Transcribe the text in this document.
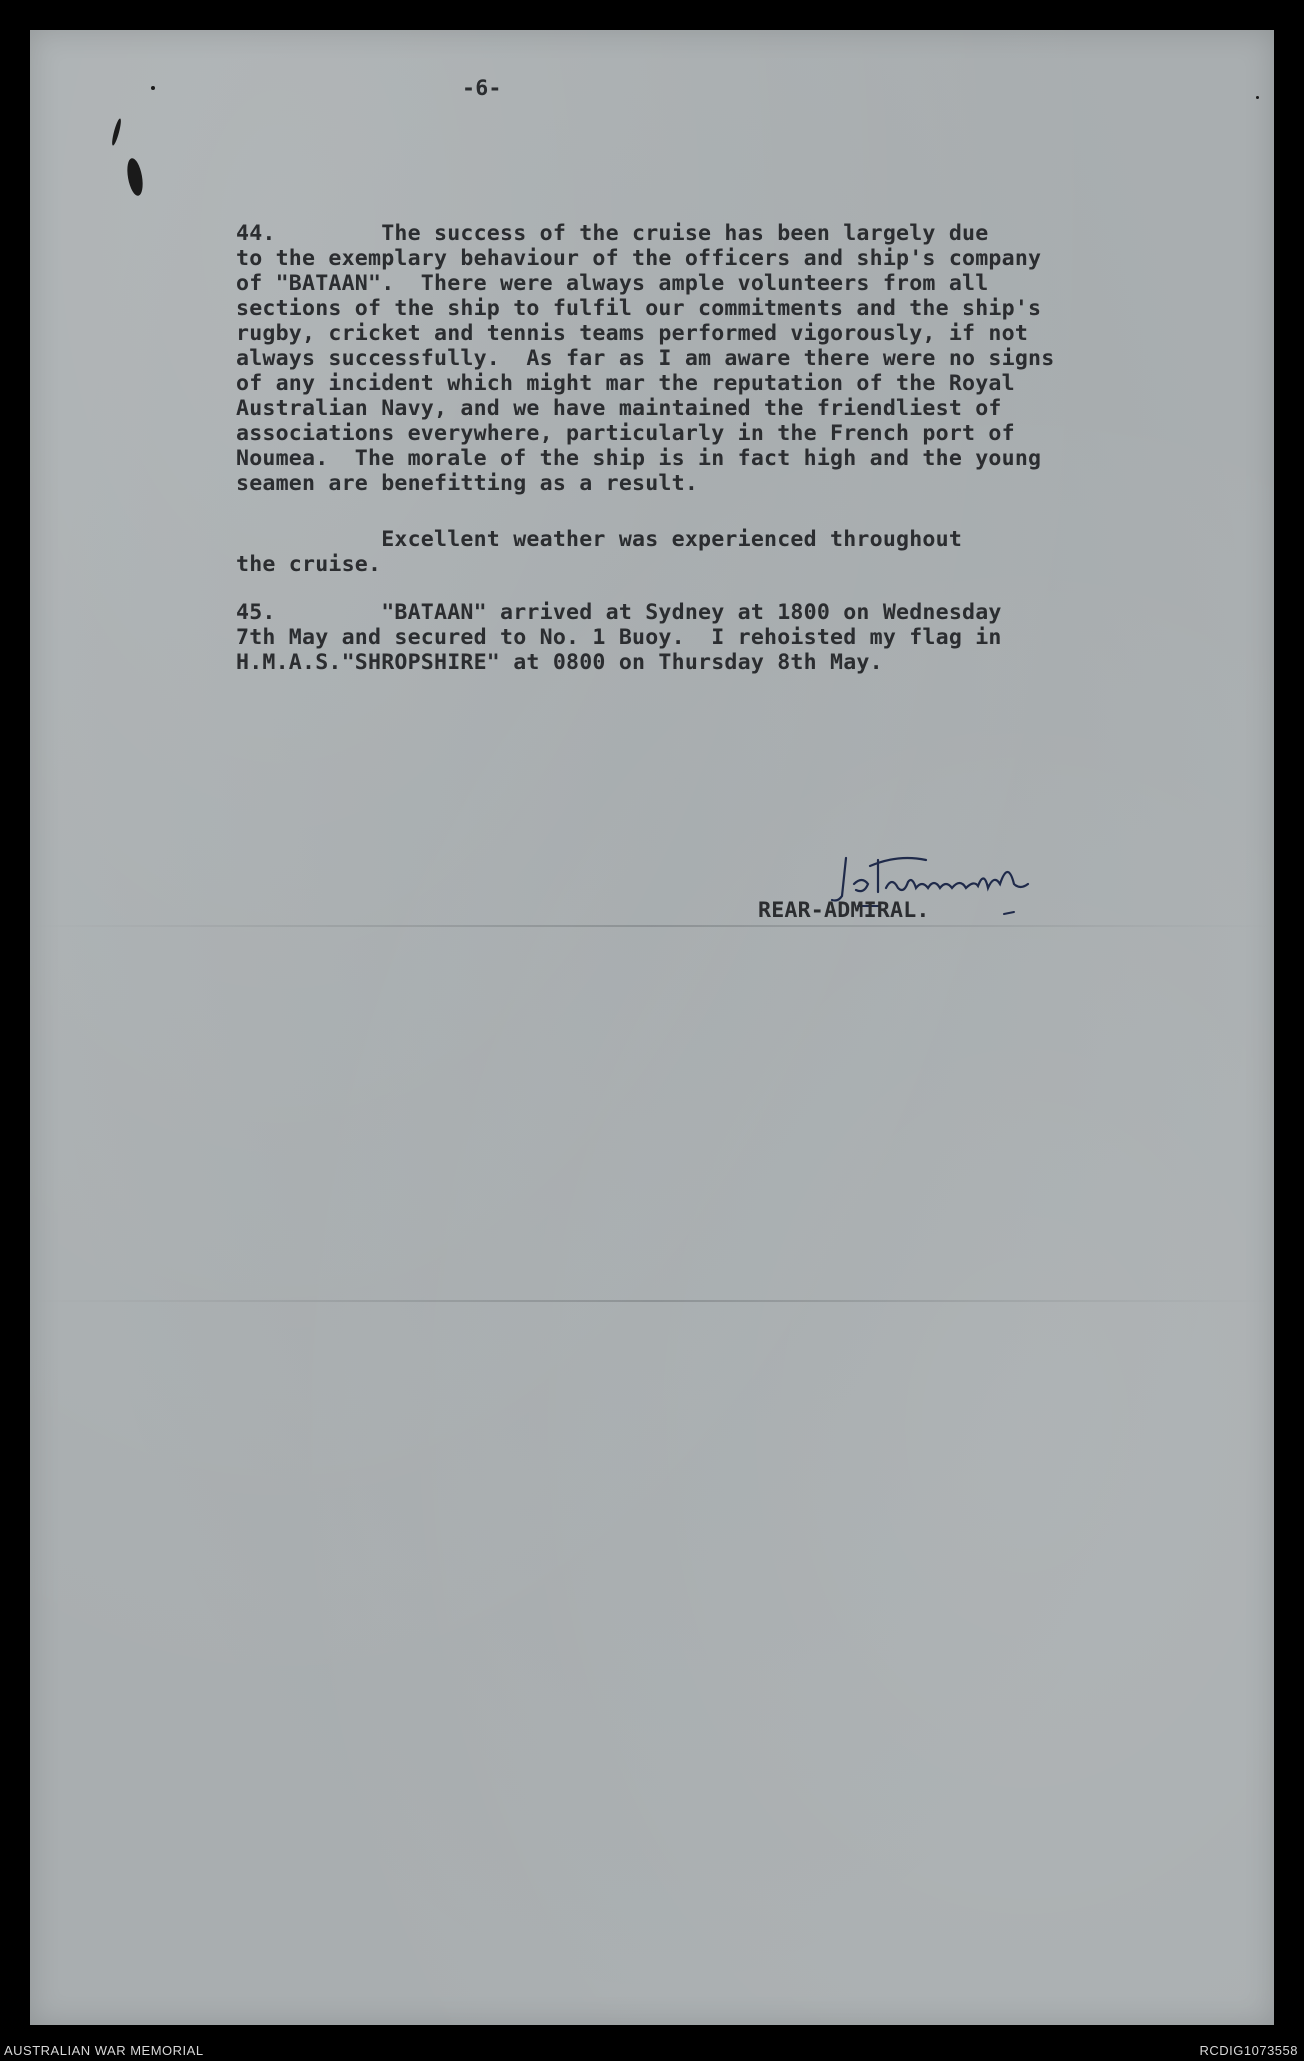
-6-
44.        The success of the cruise has been largely due
to the exemplary behaviour of the officers and ship's company
of "BATAAN".  There were always ample volunteers from all
sections of the ship to fulfil our commitments and the ship's
rugby, cricket and tennis teams performed vigorously, if not
always successfully.  As far as I am aware there were no signs
of any incident which might mar the reputation of the Royal
Australian Navy, and we have maintained the friendliest of
associations everywhere, particularly in the French port of
Noumea.  The morale of the ship is in fact high and the young
seamen are benefitting as a result.
Excellent weather was experienced throughout
the cruise.
45.        "BATAAN" arrived at Sydney at 1800 on Wednesday
7th May and secured to No. 1 Buoy.  I rehoisted my flag in
H.M.A.S."SHROPSHIRE" at 0800 on Thursday 8th May.
REAR-ADMIRAL.
AUSTRALIAN WAR MEMORIAL	RCDIG1073558
